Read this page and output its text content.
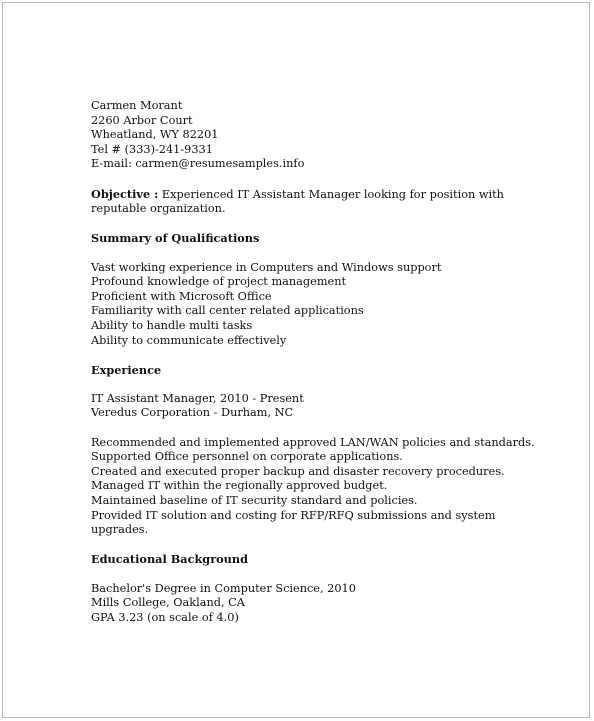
Carmen Morant
2260 Arbor Court
Wheatland, WY 82201
Tel # (333)-241-9331
E-mail: carmen@resumesamples.info
Objective : Experienced IT Assistant Manager looking for position with
reputable organization.
Summary of Qualifications
Vast working experience in Computers and Windows support
Profound knowledge of project management
Proficient with Microsoft Office
Familiarity with call center related applications
Ability to handle multi tasks
Ability to communicate effectively
Experience
IT Assistant Manager, 2010 - Present
Veredus Corporation - Durham, NC
Recommended and implemented approved LAN/WAN policies and standards.
Supported Office personnel on corporate applications.
Created and executed proper backup and disaster recovery procedures.
Managed IT within the regionally approved budget.
Maintained baseline of IT security standard and policies.
Provided IT solution and costing for RFP/RFQ submissions and system
upgrades.
Educational Background
Bachelor's Degree in Computer Science, 2010
Mills College, Oakland, CA
GPA 3.23 (on scale of 4.0)
